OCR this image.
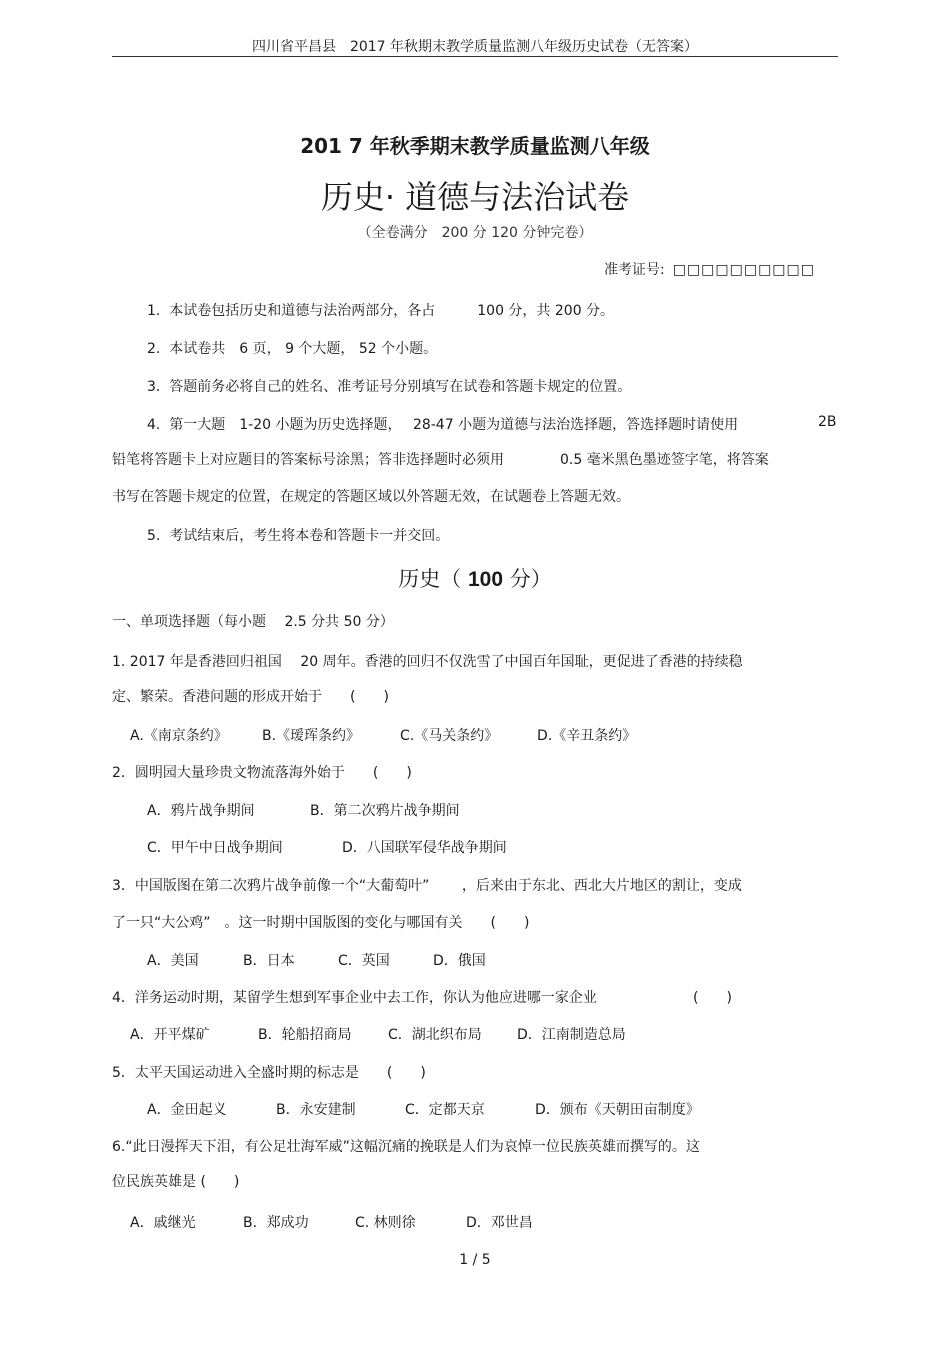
四川省平昌县　2017 年秋期末教学质量监测八年级历史试卷（无答案）
201 7 年秋季期末教学质量监测八年级
历史· 道德与法治试卷
（全卷满分　200 分 120 分钟完卷）
准考证号: □□□□□□□□□□
1. 本试卷包括历史和道德与法治两部分，各占　　　100 分，共 200 分。
2. 本试卷共　6 页， 9 个大题， 52 个小题。
3. 答题前务必将自己的姓名、准考证号分别填写在试卷和答题卡规定的位置。
4. 第一大题　1-20 小题为历史选择题，　 28-47 小题为道德与法治选择题，答选择题时请使用	2B
铅笔将答题卡上对应题目的答案标号涂黑；答非选择题时必须用　　　　0.5 毫米黑色墨迹签字笔，将答案
书写在答题卡规定的位置，在规定的答题区域以外答题无效，在试题卷上答题无效。
5. 考试结束后，考生将本卷和答题卡一并交回。
历史（ 100 分）
一、单项选择题（每小题　 2.5 分共 50 分）
1. 2017 年是香港回归祖国　 20 周年。香港的回归不仅洗雪了中国百年国耻，更促进了香港的持续稳
定、繁荣。香港问题的形成开始于　　(　　)
A.《南京条约》 B.《瑷珲条约》	C.《马关条约》	D.《辛丑条约》
2．圆明园大量珍贵文物流落海外始于　　(　　)
A．鸦片战争期间	B．第二次鸦片战争期间
C．甲午中日战争期间	D．八国联军侵华战争期间
3．中国版图在第二次鸦片战争前像一个“大葡萄叶”　　 ，后来由于东北、西北大片地区的割让，变成
了一只“大公鸡”　。这一时期中国版图的变化与哪国有关　　(　　)
A．美国	B．日本	C．英国	D．俄国
4．洋务运动时期，某留学生想到军事企业中去工作，你认为他应进哪一家企业	(　　)
A．开平煤矿	B．轮船招商局	C．湖北织布局	D．江南制造总局
5．太平天国运动进入全盛时期的标志是　　(　　)
A．金田起义	B．永安建制	C．定都天京	D．颁布《天朝田亩制度》
6.“此日漫挥天下泪，有公足壮海军威”这幅沉痛的挽联是人们为哀悼一位民族英雄而撰写的。这
位民族英雄是 (　　)
A．戚继光	B．郑成功	C. 林则徐	D．邓世昌
1 / 5
